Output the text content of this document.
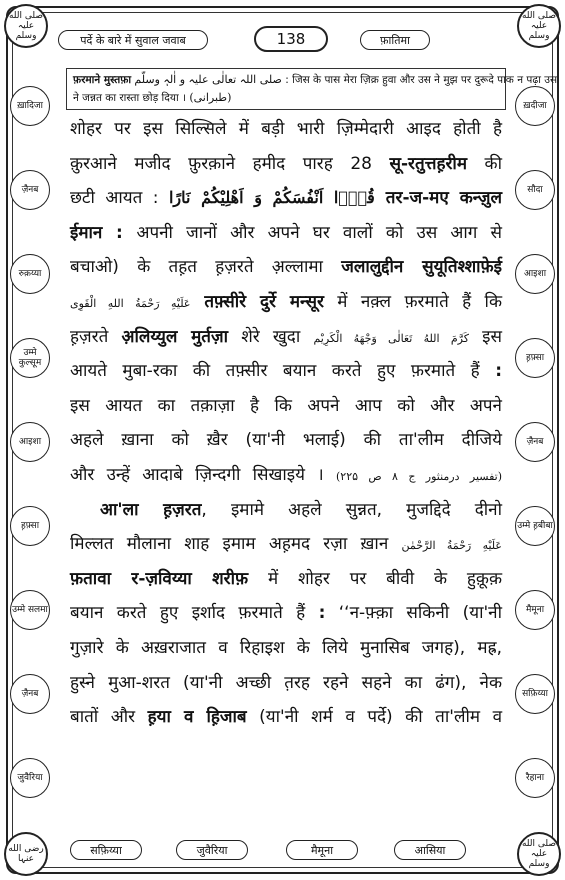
صلی الله علیہ وسلم
صلی الله علیہ وسلم
رضی الله عنہا
صلی الله علیہ وسلم
पर्दे के बारे में सुवाल जवाब	138	फ़ातिमा
ख़ादिजा
ज़ैनब
रुक़य्या
उम्मे कुल्सूम
आइशा
ह़फ़्सा
उम्मे सलमा
ज़ैनब
जुवैरिया
ख़दीजा
सौदा
आइशा
ह़फ़्सा
ज़ैनब
उम्मे ह़बीबा
मैमूना
सफ़िय्या
रैहाना
फ़रमाने मुस्तफ़ा صلی اللہ تعالٰی علیہ و اٰلہٖ وسلّم : जिस के पास मेरा ज़िक्र हुवा और उस ने मुझ पर दुरूदे पाक न पढ़ा उस
ने जन्नत का रास्ता छोड़ दिया । (طبرانی)
शोहर पर इस सिल्सिले में बड़ी भारी ज़िम्मेदारी आइद होती है
क़ुरआने मजीद फ़ुरक़ाने हमीद पारह 28 सू-रतुत्तह़रीम की
छटी आयत : قُوْۤا اَنْفُسَكُمْ وَ اَهْلِیْكُمْ نَارًا तर-ज-मए कन्ज़ुल
ईमान : अपनी जानों और अपने घर वालों को उस आग से
बचाओ) के तह़त ह़ज़रते अ़ल्लामा जलालुद्दीन सुयूतिश्शाफ़ेई
عَلَیْهِ رَحْمَةُ اللهِ الْقَوِی तफ़्सीरे दुर्रे मन्सूर में नक़्ल फ़रमाते हैं कि
ह़ज़रते अ़लिय्युल मुर्तज़ा शेरे खुदा كَرَّمَ اللهُ تَعَالٰی وَجْهَهُ الْكَرِیْم इस
आयते मुबा-रका की तफ़्सीर बयान करते हुए फ़रमाते हैं :
इस आयत का तक़ाज़ा है कि अपने आप को और अपने
अहले ख़ाना को ख़ैर (या'नी भलाई) की ता'लीम दीजिये
और उन्हें आदाबे ज़िन्दगी सिखाइये । (تفسیر درمنثور ج ۸ ص ۲۲۵)
आ'ला ह़ज़रत, इमामे अहले सुन्नत, मुजद्दिदे दीनो
मिल्लत मौलाना शाह इमाम अह़मद रज़ा ख़ान عَلَیْهِ رَحْمَةُ الرَّحْمٰن
फ़तावा र-ज़विय्या शरीफ़ में शोहर पर बीवी के हुक़ूक़
बयान करते हुए इर्शाद फ़रमाते हैं : ‘‘न-फ़्क़ा सकिनी (या'नी
गुज़ारे के अख़राजात व रिहाइश के लिये मुनासिब जगह), मह्र,
हुस्ने मुआ-शरत (या'नी अच्छी त़रह रहने सहने का ढंग), नेक
बातों और ह़या व ह़िजाब (या'नी शर्म व पर्दे) की ता'लीम व
सफ़िय्या	जुवैरिया	मैमूना	आसिया
